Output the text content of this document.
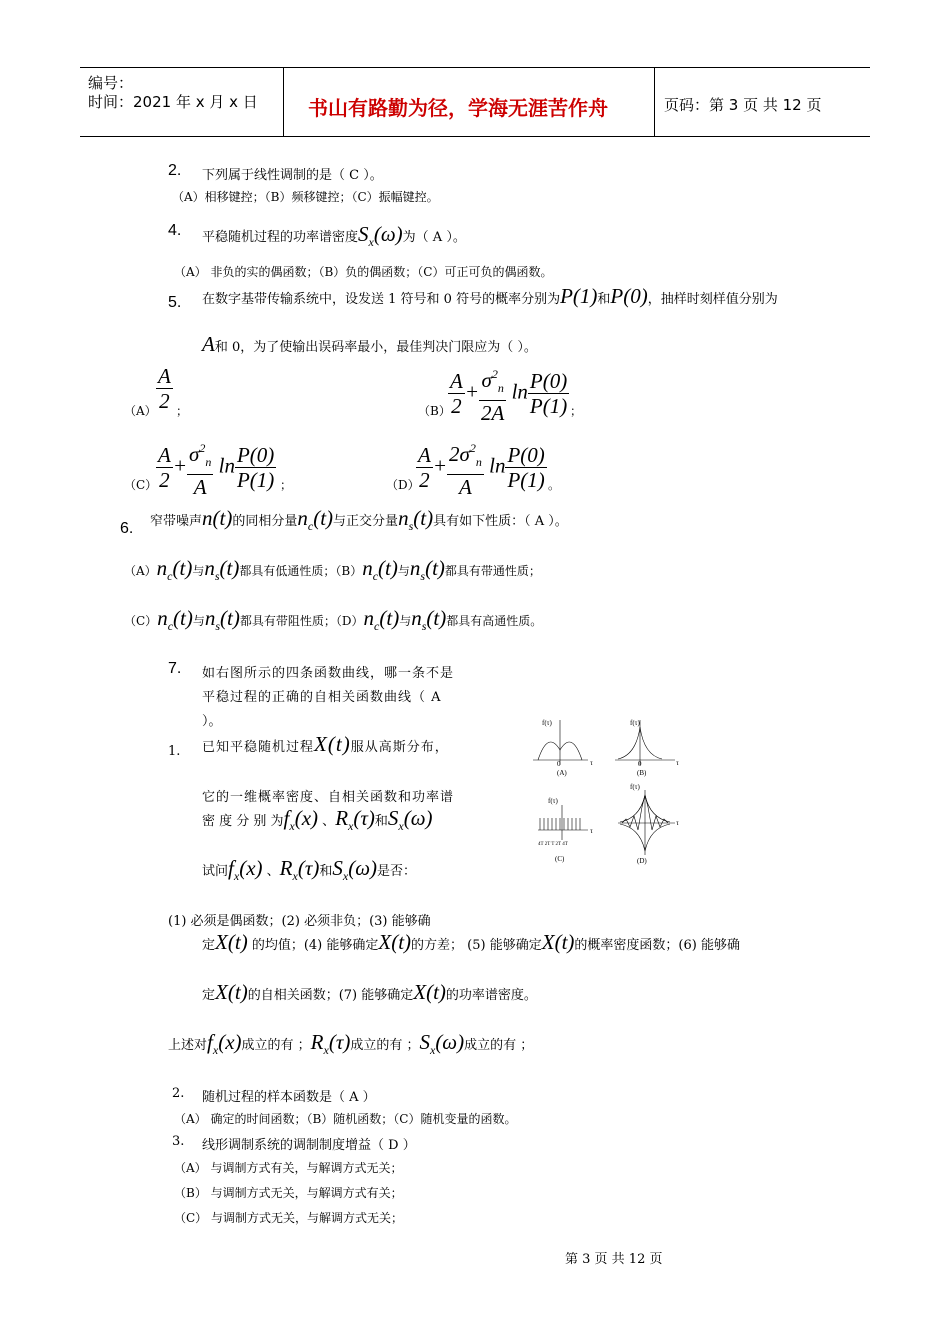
编号：
时间：2021 年 x 月 x 日	书山有路勤为径，学海无涯苦作舟	页码：第 3 页 共 12 页
2. 下列属于线性调制的是（ C ）。
（A）相移键控；（B）频移键控；（C）振幅键控。
4. 平稳随机过程的功率谱密度$S_x(\omega)$为（ A ）。
（A） 非负的实的偶函数；（B）负的偶函数；（C）可正可负的偶函数。
5. 在数字基带传输系统中，设发送 1 符号和 0 符号的概率分别为P(1)和P(0)，抽样时刻样值分别为
A和 0，为了使输出误码率最小，最佳判决门限应为（ ）。
$(A) \frac{A}{2}$ ；	（B）
$\frac{A}{2} + \frac{\sigma^2_n}{2A}$ $\ln \frac{P(0)}{P(1)}$ ；
（C）
$\frac{A}{2} + \frac{\sigma^2_n}{A}$ $\ln \frac{P(0)}{P(1)}$ ；	（D）
$\frac{A}{2} + \frac{2\sigma^2_n}{A}$ $\ln \frac{P(0)}{P(1)}$ 。
6. 窄带噪声n(t)的同相分量$n_c(t)$与正交分量$n_s(t)$具有如下性质：（ A ）。
$(A)n_c(t)$与$n_s(t)$都具有低通性质；$(B)n_c(t)$与$n_s(t)$都具有带通性质；
$(C)n_c(t)$与$n_s(t)$都具有带阻性质；$(D)n_c(t)$与$n_s(t)$都具有高通性质。
7. 如右图所示的四条函数曲线，哪一条不是
平稳过程的正确的自相关函数曲线（ A
）。	f(τ)	f(τ)
f(τ)
f(τ)
τ	τ
τ
τ
0	0
(A)	(B)
(C)	(D)
4T 2T T 2T 4T
1. 已知平稳随机过程X(t)服从高斯分布，
它的一维概率密度、自相关函数和功率谱
密 度 分 别 为$f_x(x)$ 、$R_x(\tau)$和$S_x(\omega)$
试问$f_x(x)$ 、$R_x(\tau)$和$S_x(\omega)$是否：
(1) 必须是偶函数；(2) 必须非负；(3) 能够确
定X(t) 的均值；(4) 能够确定X(t)的方差； (5) 能够确定X(t)的概率密度函数；(6) 能够确
定X(t)的自相关函数；(7) 能够确定X(t)的功率谱密度。
上述对$f_x(x)$成立的有 ；$R_x(\tau)$成立的有 ；$S_x(\omega)$成立的有 ；
2. 随机过程的样本函数是（ A ）
（A） 确定的时间函数；（B）随机函数；（C）随机变量的函数。
3. 线形调制系统的调制制度增益（ D ）
（A） 与调制方式有关，与解调方式无关；
（B） 与调制方式无关，与解调方式有关；
（C） 与调制方式无关，与解调方式无关；
第 3 页 共 12 页
